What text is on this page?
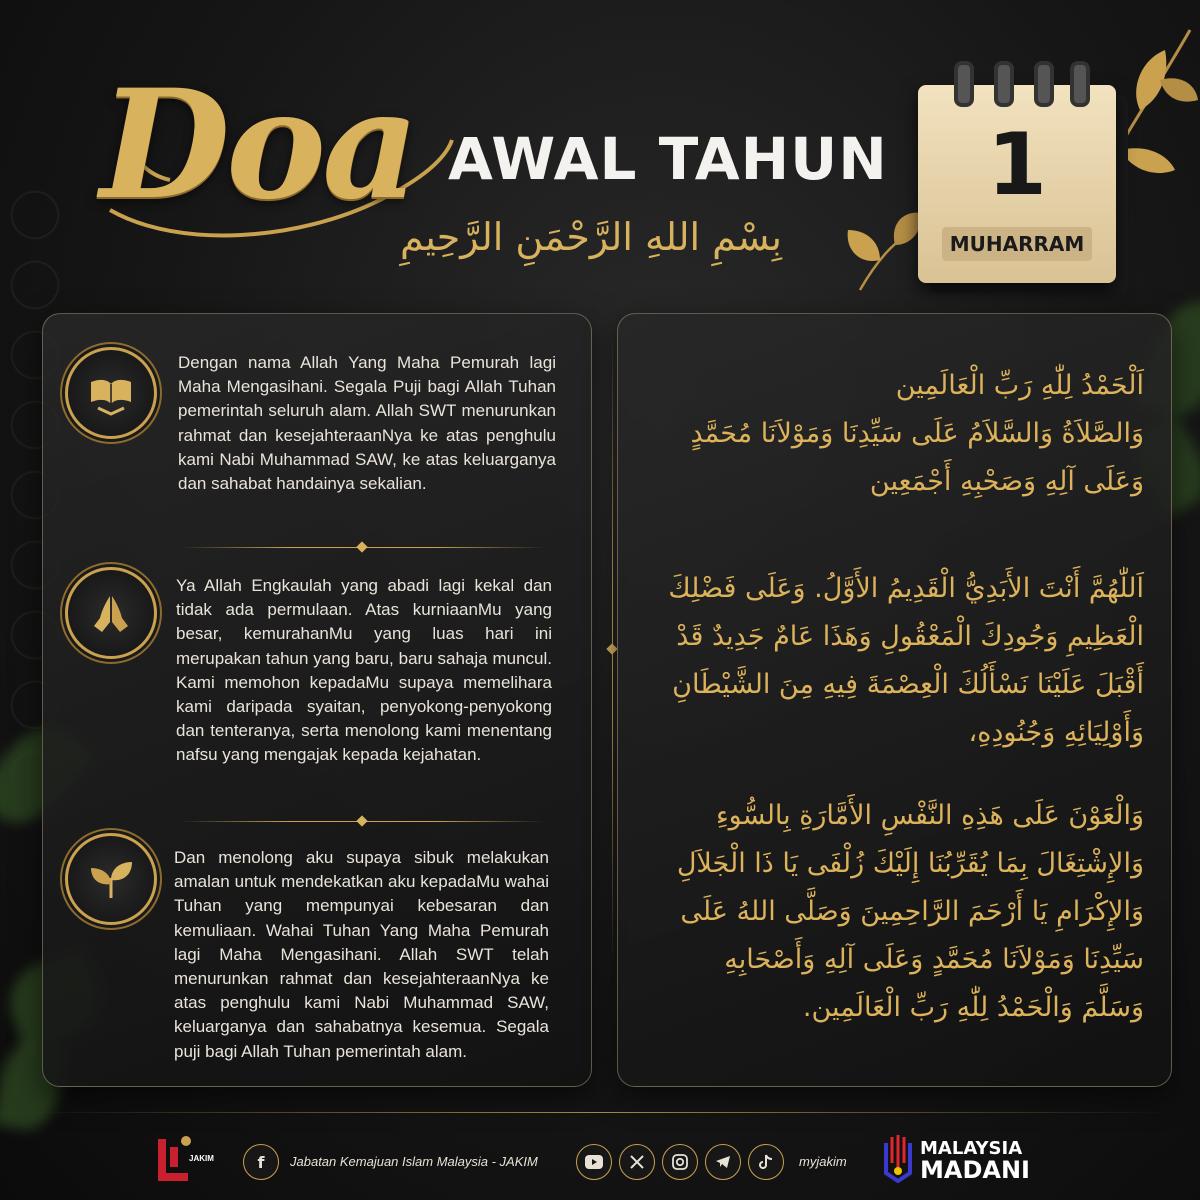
Doa AWAL TAHUN
بِسْمِ اللهِ الرَّحْمَنِ الرَّحِيمِ
1
MUHARRAM
Dengan nama Allah Yang Maha Pemurah lagi Maha Mengasihani. Segala Puji bagi Allah Tuhan pemerintah seluruh alam. Allah SWT menurunkan rahmat dan kesejahteraanNya ke atas penghulu kami Nabi Muhammad SAW, ke atas keluarganya dan sahabat handainya sekalian.
Ya Allah Engkaulah yang abadi lagi kekal dan tidak ada permulaan. Atas kurniaanMu yang besar, kemurahanMu yang luas hari ini merupakan tahun yang baru, baru sahaja muncul. Kami memohon kepadaMu supaya memelihara kami daripada syaitan, penyokong-penyokong dan tenteranya, serta menolong kami menentang nafsu yang mengajak kepada kejahatan.
Dan menolong aku supaya sibuk melakukan amalan untuk mendekatkan aku kepadaMu wahai Tuhan yang mempunyai kebesaran dan kemuliaan. Wahai Tuhan Yang Maha Pemurah lagi Maha Mengasihani. Allah SWT telah menurunkan rahmat dan kesejahteraanNya ke atas penghulu kami Nabi Muhammad SAW, keluarganya dan sahabatnya kesemua. Segala puji bagi Allah Tuhan pemerintah alam.
اَلْحَمْدُ لِلّٰهِ رَبِّ الْعَالَمِين
وَالصَّلاَةُ وَالسَّلاَمُ عَلَى سَيِّدِنَا وَمَوْلاَنَا مُحَمَّدٍ
وَعَلَى آلِهِ وَصَحْبِهِ أَجْمَعِين
اَللّٰهُمَّ أَنْتَ الأَبَدِيُّ الْقَدِيمُ الأَوَّلُ. وَعَلَى فَضْلِكَ
الْعَظِيمِ وَجُودِكَ الْمَعْقُولِ وَهَذَا عَامٌ جَدِيدٌ قَدْ
أَقْبَلَ عَلَيْنَا نَسْأَلُكَ الْعِصْمَةَ فِيهِ مِنَ الشَّيْطَانِ
وَأَوْلِيَائِهِ وَجُنُودِهِ،
وَالْعَوْنَ عَلَى هَذِهِ النَّفْسِ الأَمَّارَةِ بِالسُّوءِ
وَالإِشْتِغَالَ بِمَا يُقَرِّبُنَا إِلَيْكَ زُلْفَى يَا ذَا الْجَلاَلِ
وَالإِكْرَامِ يَا أَرْحَمَ الرَّاحِمِينَ وَصَلَّى اللهُ عَلَى
سَيِّدِنَا وَمَوْلاَنَا مُحَمَّدٍ وَعَلَى آلِهِ وَأَصْحَابِهِ
وَسَلَّمَ وَالْحَمْدُ لِلّٰهِ رَبِّ الْعَالَمِين.
JAKIM	f	Jabatan Kemajuan Islam Malaysia - JAKIM	myjakim
MALAYSIA
MADANI
